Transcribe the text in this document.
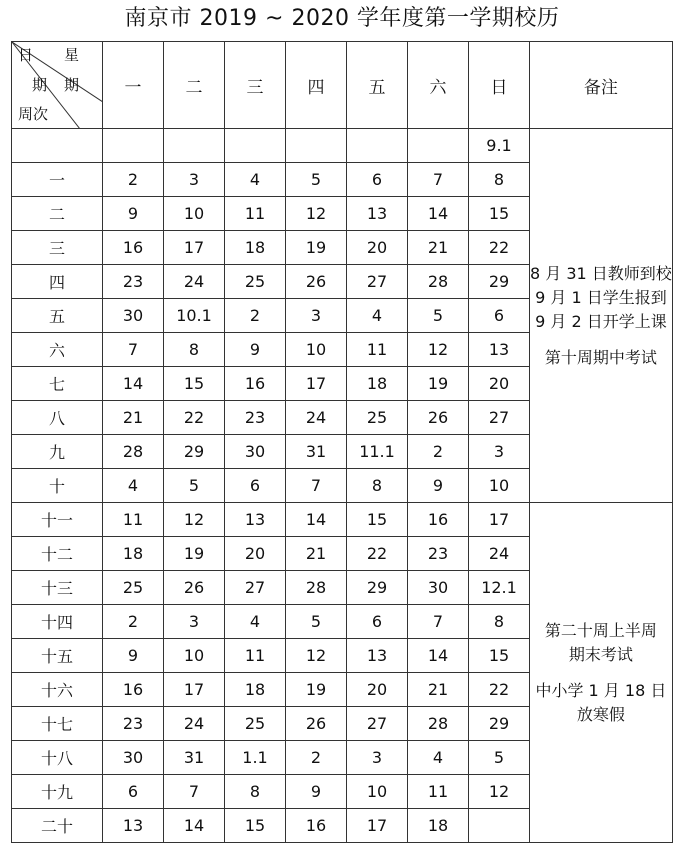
南京市 2019 ~ 2020 学年度第一学期校历
日 星
期 期
周次	一	二	三	四	五	六	日	备注
							9.1	8 月 31 日教师到校
9 月 1 日学生报到
9 月 2 日开学上课
第十周期中考试

一	2	3	4	5	6	7	8	
二	9	10	11	12	13	14	15	
三	16	17	18	19	20	21	22	
四	23	24	25	26	27	28	29	
五	30	10.1	2	3	4	5	6	
六	7	8	9	10	11	12	13	
七	14	15	16	17	18	19	20	
八	21	22	23	24	25	26	27	
九	28	29	30	31	11.1	2	3	
十	4	5	6	7	8	9	10	
十一	11	12	13	14	15	16	17	第二十周上半周
期末考试
中小学 1 月 18 日
放寒假

十二	18	19	20	21	22	23	24	
十三	25	26	27	28	29	30	12.1	
十四	2	3	4	5	6	7	8	
十五	9	10	11	12	13	14	15	
十六	16	17	18	19	20	21	22	
十七	23	24	25	26	27	28	29	
十八	30	31	1.1	2	3	4	5	
十九	6	7	8	9	10	11	12	
二十	13	14	15	16	17	18		
